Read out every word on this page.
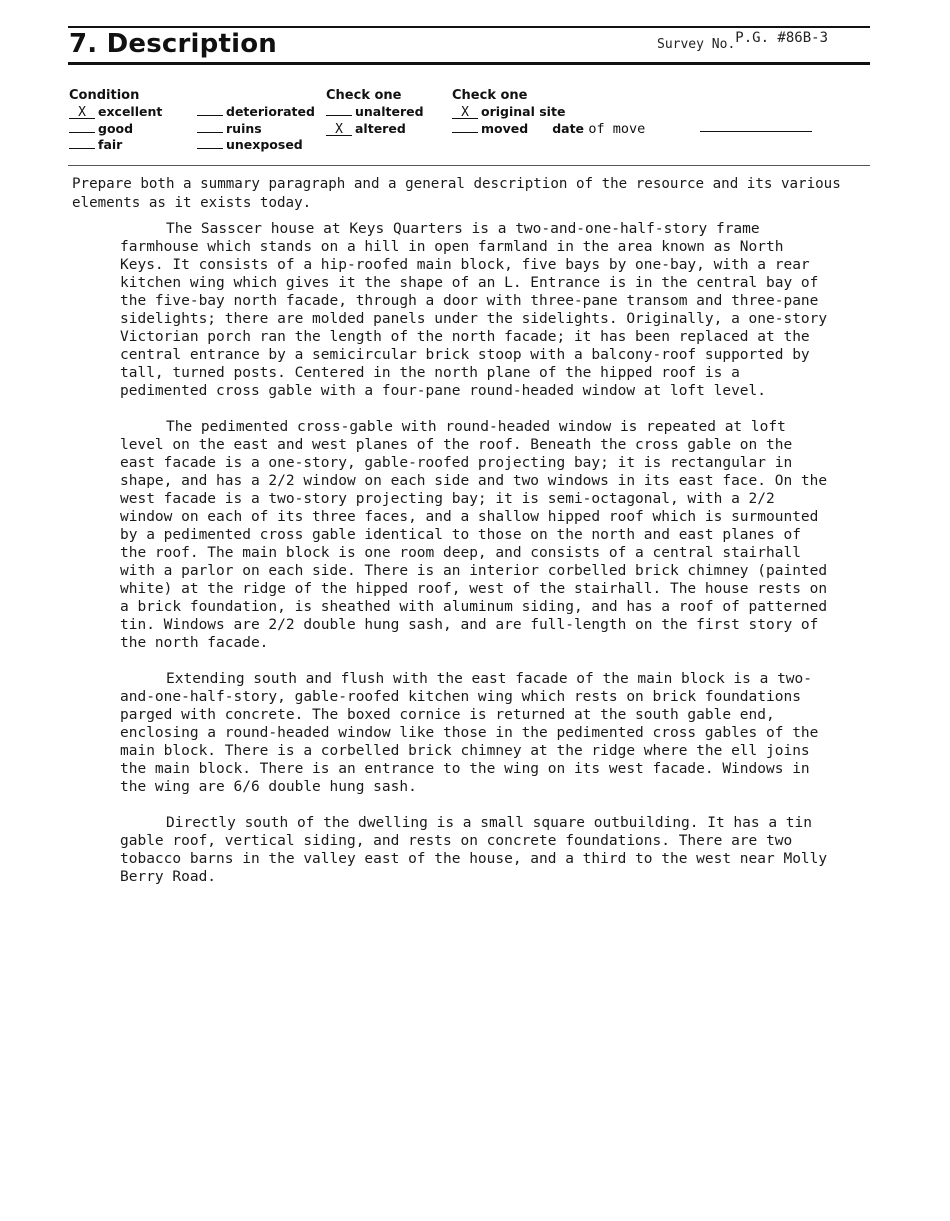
7. Description	Survey No.P.G. #86B-3
Condition
X excellent
good
fair
deteriorated
ruins
unexposed
Check one
unaltered
X altered
Check one
X original site
moved date of move
Prepare both a summary paragraph and a general description of the resource and its various elements as it exists today.

The Sasscer house at Keys Quarters is a two-and-one-half-story frame farmhouse which stands on a hill in open farmland in the area known as North Keys. It consists of a hip-roofed main block, five bays by one-bay, with a rear kitchen wing which gives it the shape of an L. Entrance is in the central bay of the five-bay north facade, through a door with three-pane transom and three-pane sidelights; there are molded panels under the sidelights. Originally, a one-story Victorian porch ran the length of the north facade; it has been replaced at the central entrance by a semicircular brick stoop with a balcony-roof supported by tall, turned posts. Centered in the north plane of the hipped roof is a pedimented cross gable with a four-pane round-headed window at loft level.

The pedimented cross-gable with round-headed window is repeated at loft level on the east and west planes of the roof. Beneath the cross gable on the east facade is a one-story, gable-roofed projecting bay; it is rectangular in shape, and has a 2/2 window on each side and two windows in its east face. On the west facade is a two-story projecting bay; it is semi-octagonal, with a 2/2 window on each of its three faces, and a shallow hipped roof which is surmounted by a pedimented cross gable identical to those on the north and east planes of the roof. The main block is one room deep, and consists of a central stairhall with a parlor on each side. There is an interior corbelled brick chimney (painted white) at the ridge of the hipped roof, west of the stairhall. The house rests on a brick foundation, is sheathed with aluminum siding, and has a roof of patterned tin. Windows are 2/2 double hung sash, and are full-length on the first story of the north facade.

Extending south and flush with the east facade of the main block is a two-and-one-half-story, gable-roofed kitchen wing which rests on brick foundations parged with concrete. The boxed cornice is returned at the south gable end, enclosing a round-headed window like those in the pedimented cross gables of the main block. There is a corbelled brick chimney at the ridge where the ell joins the main block. There is an entrance to the wing on its west facade. Windows in the wing are 6/6 double hung sash.

Directly south of the dwelling is a small square outbuilding. It has a tin gable roof, vertical siding, and rests on concrete foundations. There are two tobacco barns in the valley east of the house, and a third to the west near Molly Berry Road.
